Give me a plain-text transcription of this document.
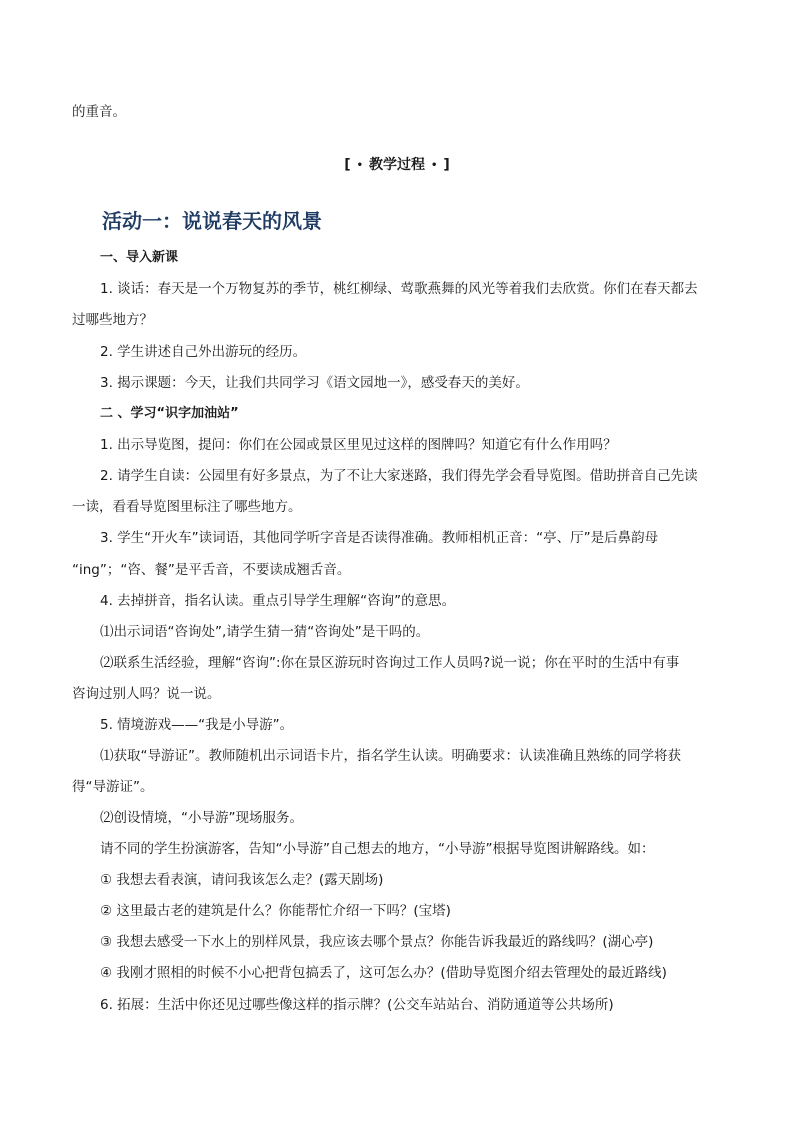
的重音。
[ • 教学过程 • ]
活动一：说说春天的风景
一、导入新课
1. 谈话：春天是一个万物复苏的季节，桃红柳绿、莺歌燕舞的风光等着我们去欣赏。你们在春天都去
过哪些地方？
2. 学生讲述自己外出游玩的经历。
3. 揭示课题：今天，让我们共同学习《语文园地一》，感受春天的美好。
二 、学习“识字加油站”
1. 出示导览图，提问：你们在公园或景区里见过这样的图牌吗？知道它有什么作用吗？
2. 请学生自读：公园里有好多景点，为了不让大家迷路，我们得先学会看导览图。借助拼音自己先读
一读，看看导览图里标注了哪些地方。
3. 学生“开火车”读词语，其他同学听字音是否读得准确。教师相机正音：“亭、厅”是后鼻韵母
“ing”；“咨、餐”是平舌音，不要读成翘舌音。
4. 去掉拼音，指名认读。重点引导学生理解“咨询”的意思。
⑴出示词语“咨询处”,请学生猜一猜“咨询处”是干吗的。
⑵联系生活经验，理解“咨询”:你在景区游玩时咨询过工作人员吗?说一说；你在平时的生活中有事
咨询过别人吗？说一说。
5. 情境游戏——“我是小导游”。
⑴获取“导游证”。教师随机出示词语卡片，指名学生认读。明确要求：认读准确且熟练的同学将获
得“导游证”。
⑵创设情境，“小导游”现场服务。
请不同的学生扮演游客，告知“小导游”自己想去的地方，“小导游”根据导览图讲解路线。如：
① 我想去看表演，请问我该怎么走？(露天剧场)
② 这里最古老的建筑是什么？你能帮忙介绍一下吗？(宝塔)
③ 我想去感受一下水上的别样风景，我应该去哪个景点？你能告诉我最近的路线吗？(湖心亭)
④ 我刚才照相的时候不小心把背包搞丢了，这可怎么办？(借助导览图介绍去管理处的最近路线)
6. 拓展：生活中你还见过哪些像这样的指示牌？(公交车站站台、消防通道等公共场所)
